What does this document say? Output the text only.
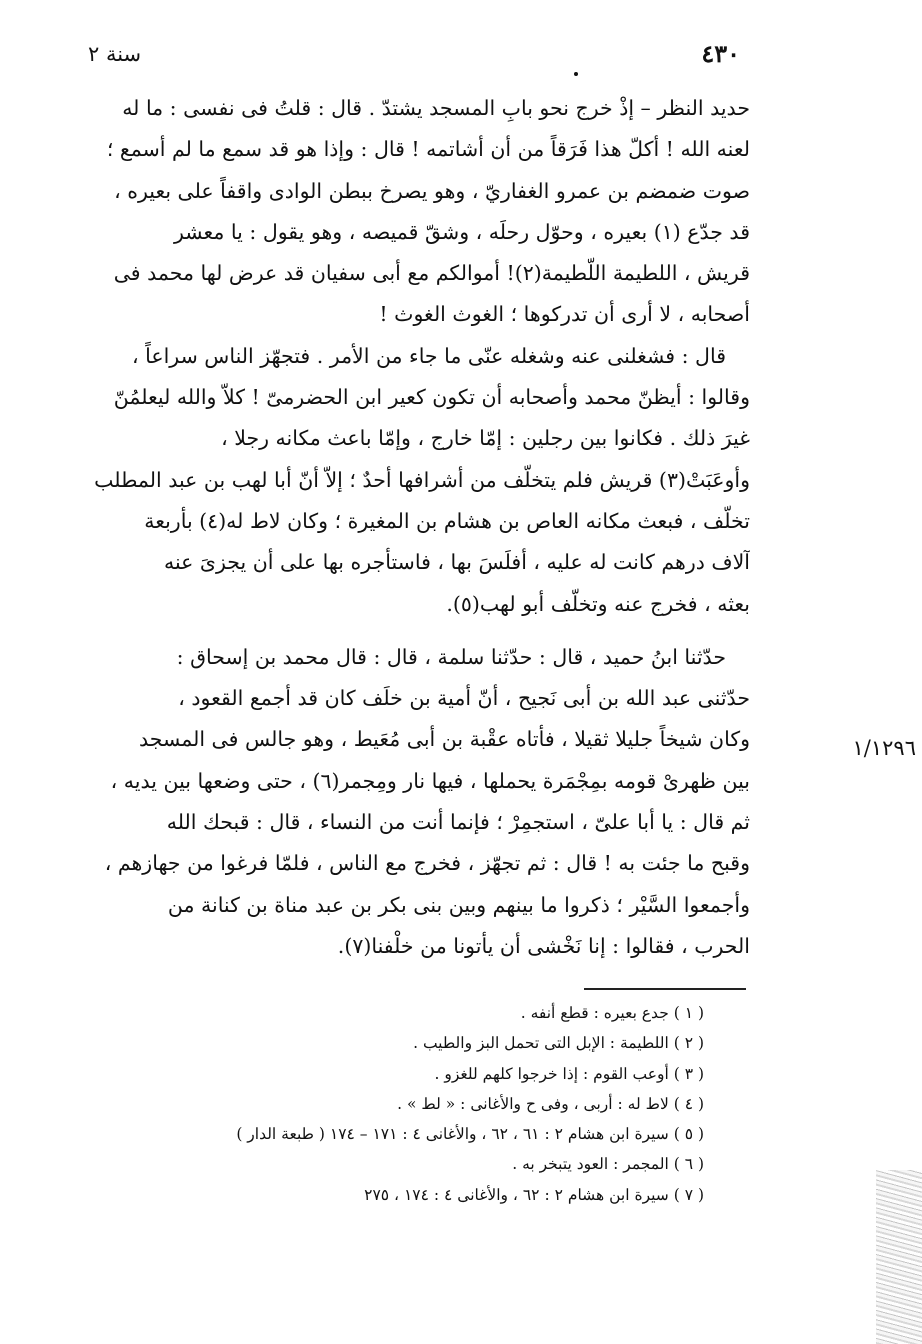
٤٣٠
سنة ٢
حديد النظر – إذْ خرج نحو بابِ المسجد يشتدّ . قال : قلتُ فى نفسى : ما له
لعنه الله ! أكلّ هذا فَرَقاً من أن أشاتمه ! قال : وإذا هو قد سمع ما لم أسمع ؛
صوت ضمضم بن عمرو الغفاريّ ، وهو يصرخ ببطن الوادى واقفاً على بعيره ،
قد جدّع (١) بعيره ، وحوّل رحلَه ، وشقّ قميصه ، وهو يقول : يا معشر
قريش ، اللطيمة اللّطيمة(٢)! أموالكم مع أبى سفيان قد عرض لها محمد فى
أصحابه ، لا أرى أن تدركوها ؛ الغوث الغوث !
قال : فشغلنى عنه وشغله عنّى ما جاء من الأمر . فتجهّز الناس سراعاً ،
وقالوا : أيظنّ محمد وأصحابه أن تكون كعير ابن الحضرمىّ ! كلاّ والله ليعلمُنّ
غيرَ ذلك . فكانوا بين رجلين : إمّا خارج ، وإمّا باعث مكانه رجلا ،
وأوعَبَتْ(٣) قريش فلم يتخلّف من أشرافها أحدٌ ؛ إلاّ أنّ أبا لهب بن عبد المطلب
تخلّف ، فبعث مكانه العاص بن هشام بن المغيرة ؛ وكان لاط له(٤) بأربعة
آلاف درهم كانت له عليه ، أفلَسَ بها ، فاستأجره بها على أن يجزىَ عنه
بعثه ، فخرج عنه وتخلّف أبو لهب(٥).
حدّثنا ابنُ حميد ، قال : حدّثنا سلمة ، قال : قال محمد بن إسحاق :
حدّثنى عبد الله بن أبى نَجيح ، أنّ أمية بن خلَف كان قد أجمع القعود ،
وكان شيخاً جليلا ثقيلا ، فأتاه عقْبة بن أبى مُعَيط ، وهو جالس فى المسجد
بين ظهرىْ قومه بمِجْمَرة يحملها ، فيها نار ومِجمر(٦) ، حتى وضعها بين يديه ،
ثم قال : يا أبا علىّ ، استجمِرْ ؛ فإنما أنت من النساء ، قال : قبحك الله
وقبح ما جئت به ! قال : ثم تجهّز ، فخرج مع الناس ، فلمّا فرغوا من جهازهم ،
وأجمعوا السَّيْر ؛ ذكروا ما بينهم وبين بنى بكر بن عبد مناة بن كنانة من
الحرب ، فقالوا : إنا نَخْشى أن يأتونا من خلْفنا(٧).
١/١٢٩٦
( ١ ) جدع بعيره : قطع أنفه .
( ٢ ) اللطيمة : الإبل التى تحمل البز والطيب .
( ٣ ) أوعب القوم : إذا خرجوا كلهم للغزو .
( ٤ ) لاط له : أربى ، وفى ح والأغانى : « لط » .
( ٥ ) سيرة ابن هشام ٢ : ٦١ ، ٦٢ ، والأغانى ٤ : ١٧١ – ١٧٤ ( طبعة الدار )
( ٦ ) المجمر : العود يتبخر به .
( ٧ ) سيرة ابن هشام ٢ : ٦٢ ، والأغانى ٤ : ١٧٤ ، ٢٧٥
